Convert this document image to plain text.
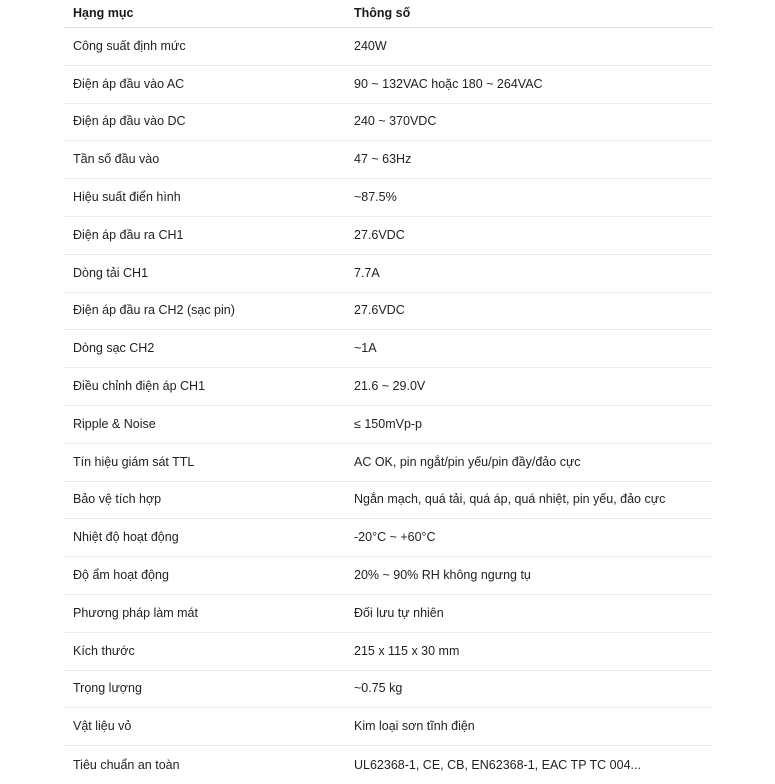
Hạng mục	Thông số
Công suất định mức	240W
Điện áp đầu vào AC	90 ~ 132VAC hoặc 180 ~ 264VAC
Điện áp đầu vào DC	240 ~ 370VDC
Tần số đầu vào	47 ~ 63Hz
Hiệu suất điển hình	~87.5%
Điện áp đầu ra CH1	27.6VDC
Dòng tải CH1	7.7A
Điện áp đầu ra CH2 (sạc pin)	27.6VDC
Dòng sạc CH2	~1A
Điều chỉnh điện áp CH1	21.6 ~ 29.0V
Ripple & Noise	≤ 150mVp-p
Tín hiệu giám sát TTL	AC OK, pin ngắt/pin yếu/pin đầy/đảo cực
Bảo vệ tích hợp	Ngắn mạch, quá tải, quá áp, quá nhiệt, pin yếu, đảo cực
Nhiệt độ hoạt động	-20°C ~ +60°C
Độ ẩm hoạt động	20% ~ 90% RH không ngưng tụ
Phương pháp làm mát	Đối lưu tự nhiên
Kích thước	215 x 115 x 30 mm
Trọng lượng	~0.75 kg
Vật liệu vỏ	Kim loại sơn tĩnh điện
Tiêu chuẩn an toàn	UL62368-1, CE, CB, EN62368-1, EAC TP TC 004...
